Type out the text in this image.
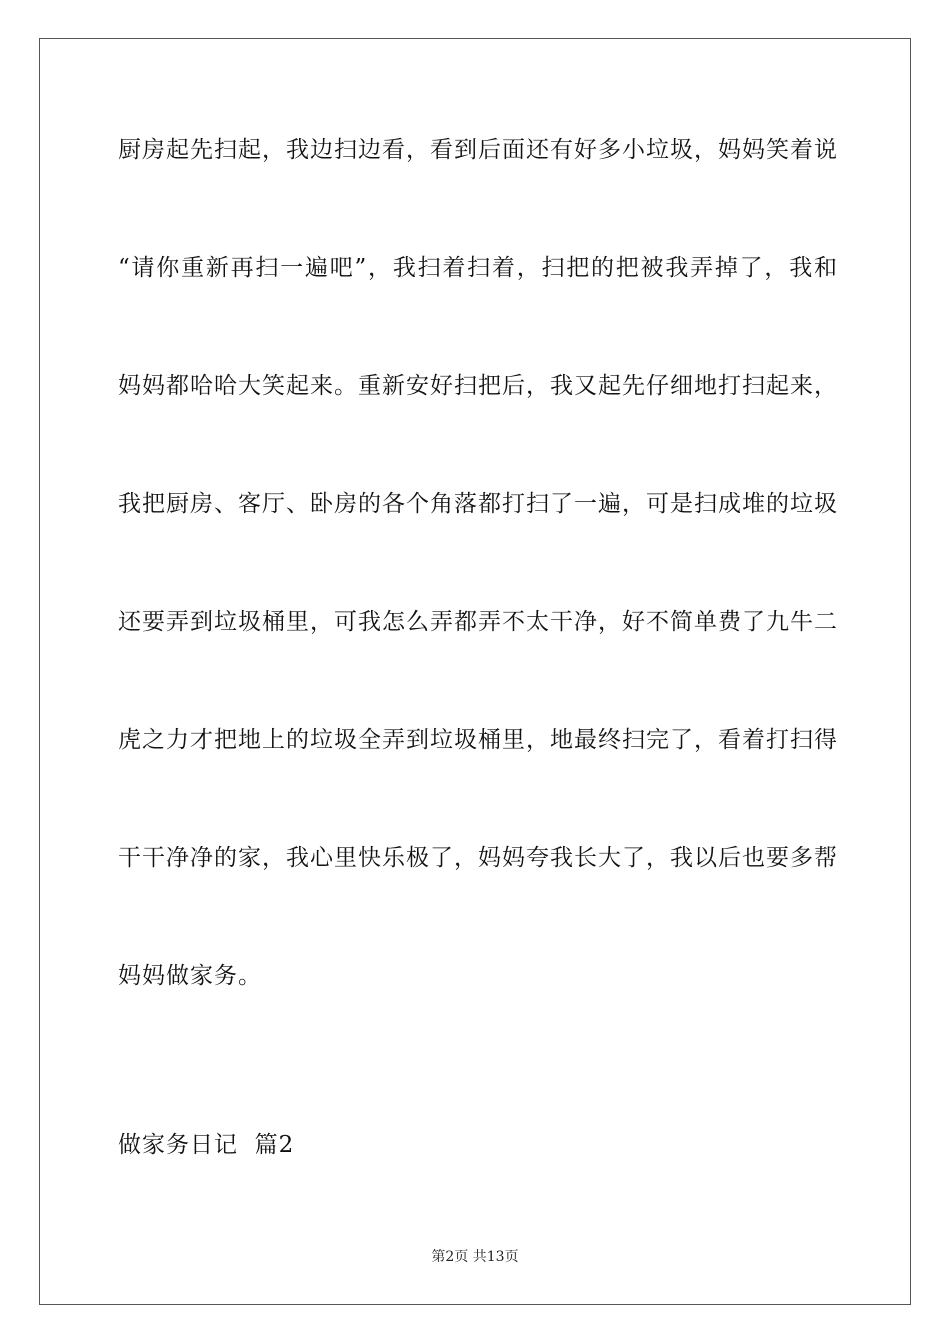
厨房起先扫起，我边扫边看，看到后面还有好多小垃圾，妈妈笑着说
“请你重新再扫一遍吧”，我扫着扫着，扫把的把被我弄掉了，我和
妈妈都哈哈大笑起来。重新安好扫把后，我又起先仔细地打扫起来，
我把厨房、客厅、卧房的各个角落都打扫了一遍，可是扫成堆的垃圾
还要弄到垃圾桶里，可我怎么弄都弄不太干净，好不简单费了九牛二
虎之力才把地上的垃圾全弄到垃圾桶里，地最终扫完了，看着打扫得
干干净净的家，我心里快乐极了，妈妈夸我长大了，我以后也要多帮
妈妈做家务。
做家务日记  篇2
第2页 共13页
